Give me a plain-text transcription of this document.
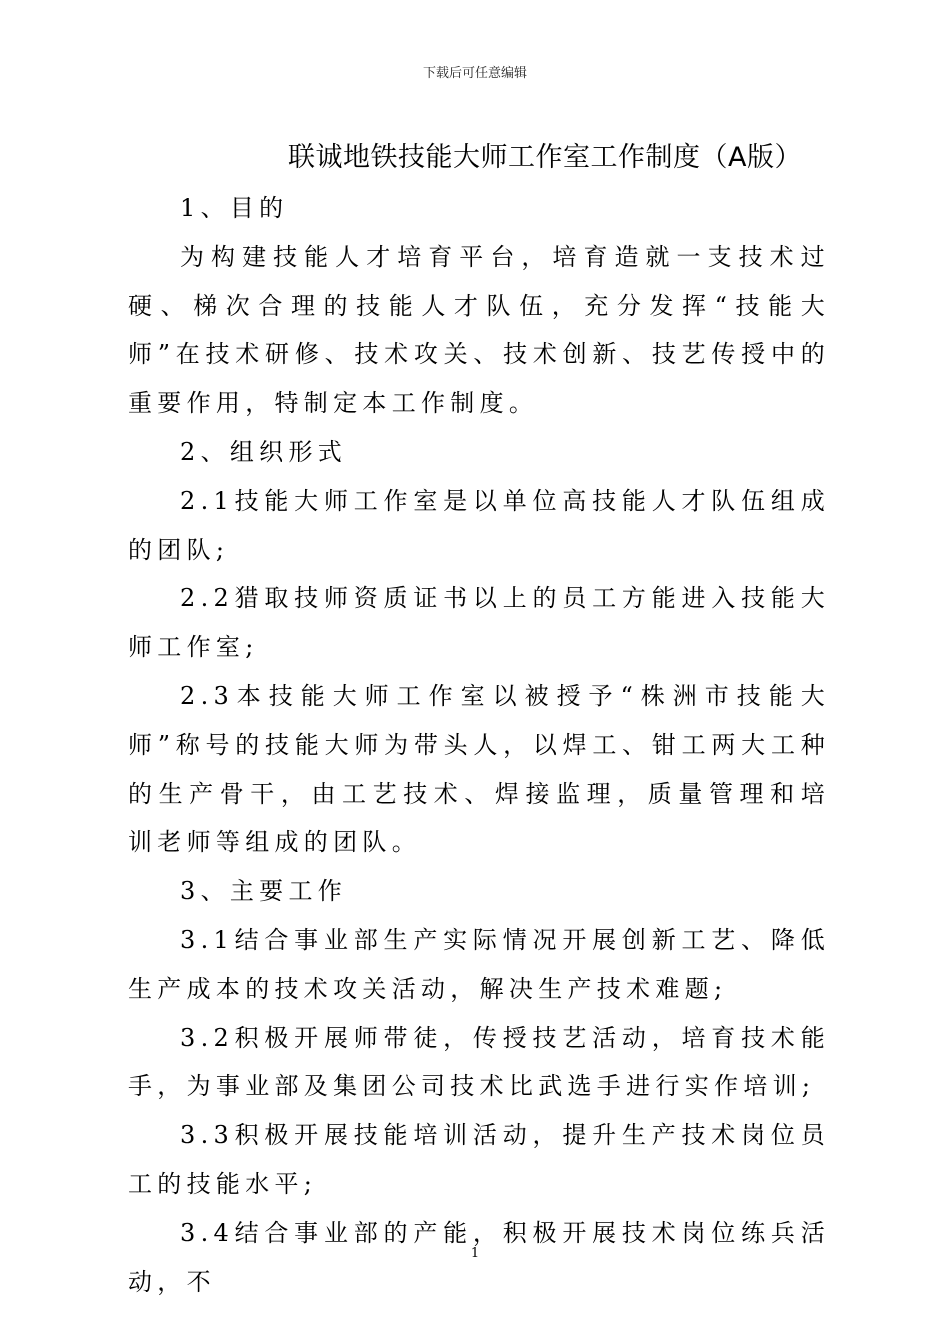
下载后可任意编辑
联诚地铁技能大师工作室工作制度（A版）

1、目的

为构建技能人才培育平台，培育造就一支技术过硬、梯次合理的技能人才队伍，充分发挥“技能大师”在技术研修、技术攻关、技术创新、技艺传授中的重要作用，特制定本工作制度。

2、组织形式

2.1技能大师工作室是以单位高技能人才队伍组成的团队;

2.2猎取技师资质证书以上的员工方能进入技能大师工作室;

2.3本技能大师工作室以被授予“株洲市技能大师”称号的技能大师为带头人，以焊工、钳工两大工种的生产骨干，由工艺技术、焊接监理，质量管理和培训老师等组成的团队。

3、主要工作

3.1结合事业部生产实际情况开展创新工艺、降低生产成本的技术攻关活动，解决生产技术难题;

3.2积极开展师带徒，传授技艺活动，培育技术能手，为事业部及集团公司技术比武选手进行实作培训;

3.3积极开展技能培训活动，提升生产技术岗位员工的技能水平;

3.4结合事业部的产能，积极开展技术岗位练兵活动，不

1
